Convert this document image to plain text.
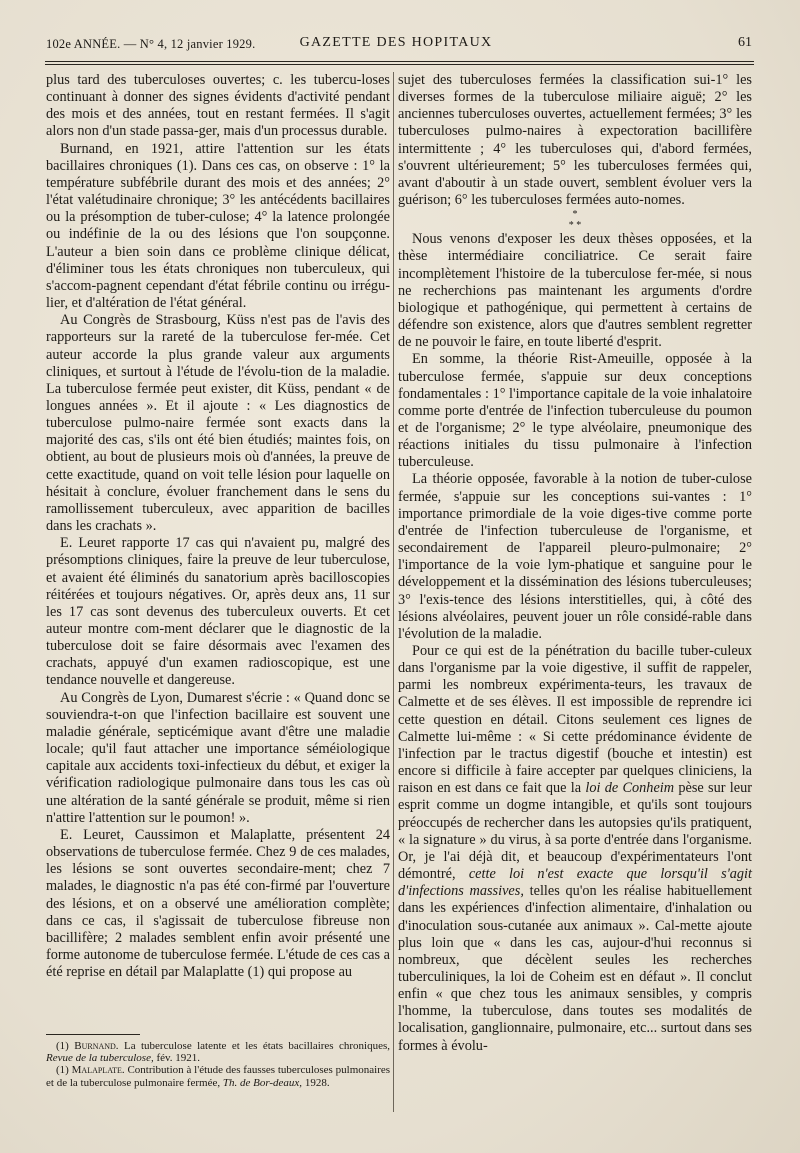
102e ANNÉE. — N° 4, 12 janvier 1929.	GAZETTE DES HOPITAUX	61

plus tard des tuberculoses ouvertes; c. les tubercu-loses continuant à donner des signes évidents d'activité pendant des mois et des années, tout en restant fermées. Il s'agit alors non d'un stade passa-ger, mais d'un processus durable.

Burnand, en 1921, attire l'attention sur les états bacillaires chroniques (1). Dans ces cas, on observe : 1° la température subfébrile durant des mois et des années; 2° l'état valétudinaire chronique; 3° les antécédents bacillaires ou la présomption de tuber-culose; 4° la latence prolongée ou indéfinie de la ou des lésions que l'on soupçonne. L'auteur a bien soin dans ce problème clinique délicat, d'éliminer tous les états chroniques non tuberculeux, qui s'accom-pagnent cependant d'état fébrile continu ou irrégu-lier, et d'altération de l'état général.

Au Congrès de Strasbourg, Küss n'est pas de l'avis des rapporteurs sur la rareté de la tuberculose fer-mée. Cet auteur accorde la plus grande valeur aux arguments cliniques, et surtout à l'étude de l'évolu-tion de la maladie. La tuberculose fermée peut exister, dit Küss, pendant « de longues années ». Et il ajoute : « Les diagnostics de tuberculose pulmo-naire fermée sont exacts dans la majorité des cas, s'ils ont été bien étudiés; maintes fois, on obtient, au bout de plusieurs mois où d'années, la preuve de cette exactitude, quand on voit telle lésion pour laquelle on hésitait à conclure, évoluer franchement dans le sens du ramollissement tuberculeux, avec apparition de bacilles dans les crachats ».

E. Leuret rapporte 17 cas qui n'avaient pu, malgré des présomptions cliniques, faire la preuve de leur tuberculose, et avaient été éliminés du sanatorium après bacilloscopies réitérées et toujours négatives. Or, après deux ans, 11 sur les 17 cas sont devenus des tuberculeux ouverts. Et cet auteur montre com-ment déclarer que le diagnostic de la tuberculose doit se faire désormais avec l'examen des crachats, appuyé d'un examen radioscopique, est une tendance nouvelle et dangereuse.

Au Congrès de Lyon, Dumarest s'écrie : « Quand donc se souviendra-t-on que l'infection bacillaire est souvent une maladie générale, septicémique avant d'être une maladie locale; qu'il faut attacher une importance séméiologique capitale aux accidents toxi-infectieux du début, et exiger la vérification radiologique pulmonaire dans tous les cas où une altération de la santé générale se produit, même si rien n'attire l'attention sur le poumon! ».

E. Leuret, Caussimon et Malaplatte, présentent 24 observations de tuberculose fermée. Chez 9 de ces malades, les lésions se sont ouvertes secondaire-ment; chez 7 malades, le diagnostic n'a pas été con-firmé par l'ouverture des lésions, et on a observé une amélioration complète; dans ce cas, il s'agissait de tuberculose fibreuse non bacillifère; 2 malades semblent enfin avoir présenté une forme autonome de tuberculose fermée. L'étude de ces cas a été reprise en détail par Malaplatte (1) qui propose au

(1) Burnand. La tuberculose latente et les états bacillaires chroniques, Revue de la tuberculose, fév. 1921.

(1) Malaplate. Contribution à l'étude des fausses tuberculoses pulmonaires et de la tuberculose pulmonaire fermée, Th. de Bor-deaux, 1928.

sujet des tuberculoses fermées la classification sui-1° les diverses formes de la tuberculose miliaire aiguë; 2° les anciennes tuberculoses ouvertes, actuellement fermées; 3° les tuberculoses pulmo-naires à expectoration bacillifère intermittente ; 4° les tuberculoses qui, d'abord fermées, s'ouvrent ultérieurement; 5° les tuberculoses fermées qui, avant d'aboutir à un stade ouvert, semblent évoluer vers la guérison; 6° les tuberculoses fermées auto-nomes.

*
* *

Nous venons d'exposer les deux thèses opposées, et la thèse intermédiaire conciliatrice. Ce serait faire incomplètement l'histoire de la tuberculose fer-mée, si nous ne recherchions pas maintenant les arguments d'ordre biologique et pathogénique, qui permettent à certains de défendre son existence, alors que d'autres semblent regretter de ne pouvoir le faire, en toute liberté d'esprit.

En somme, la théorie Rist-Ameuille, opposée à la tuberculose fermée, s'appuie sur deux conceptions fondamentales : 1° l'importance capitale de la voie inhalatoire comme porte d'entrée de l'infection tuberculeuse du poumon et de l'organisme; 2° le type alvéolaire, pneumonique des réactions initiales du tissu pulmonaire à l'infection tuberculeuse.

La théorie opposée, favorable à la notion de tuber-culose fermée, s'appuie sur les conceptions sui-vantes : 1° importance primordiale de la voie diges-tive comme porte d'entrée de l'infection tuberculeuse de l'organisme, et secondairement de l'appareil pleuro-pulmonaire; 2° l'importance de la voie lym-phatique et sanguine pour le développement et la dissémination des lésions tuberculeuses; 3° l'exis-tence des lésions interstitielles, qui, à côté des lésions alvéolaires, peuvent jouer un rôle considé-rable dans l'évolution de la maladie.

Pour ce qui est de la pénétration du bacille tuber-culeux dans l'organisme par la voie digestive, il suffit de rappeler, parmi les nombreux expérimenta-teurs, les travaux de Calmette et de ses élèves. Il est impossible de reprendre ici cette question en détail. Citons seulement ces lignes de Calmette lui-même : « Si cette prédominance évidente de l'infection par le tractus digestif (bouche et intestin) est encore si difficile à faire accepter par quelques cliniciens, la raison en est dans ce fait que la loi de Conheim pèse sur leur esprit comme un dogme intangible, et qu'ils sont toujours préoccupés de rechercher dans les autopsies qu'ils pratiquent, « la signature » du virus, à sa porte d'entrée dans l'organisme. Or, je l'ai déjà dit, et beaucoup d'expérimentateurs l'ont démontré, cette loi n'est exacte que lorsqu'il s'agit d'infections massives, telles qu'on les réalise habituellement dans les expériences d'infection alimentaire, d'inhalation ou d'inoculation sous-cutanée aux animaux ». Cal-mette ajoute plus loin que « dans les cas, aujour-d'hui reconnus si nombreux, que décèlent seules les recherches tuberculiniques, la loi de Coheim est en défaut ». Il conclut enfin « que chez tous les animaux sensibles, y compris l'homme, la tuberculose, dans toutes ses modalités de localisation, ganglionnaire, pulmonaire, etc... surtout dans ses formes à évolu-
